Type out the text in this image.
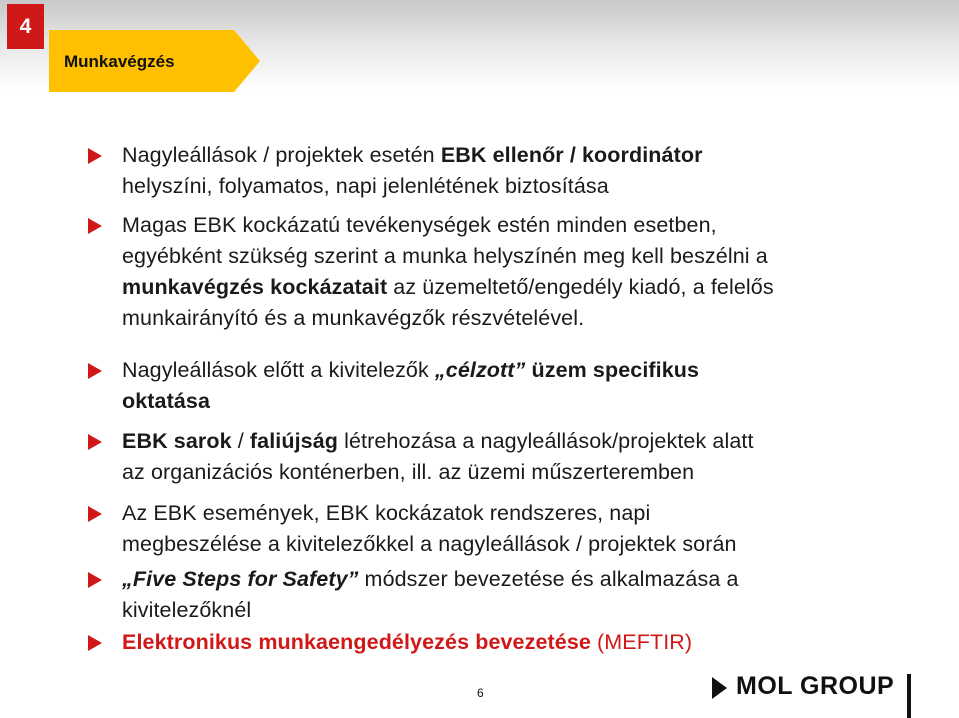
4
Munkavégzés
Nagyleállások / projektek esetén EBK ellenőr / koordinátor
helyszíni, folyamatos, napi jelenlétének biztosítása
Magas EBK kockázatú tevékenységek estén minden esetben,
egyébként szükség szerint a munka helyszínén meg kell beszélni a
munkavégzés kockázatait az üzemeltető/engedély kiadó, a felelős
munkairányító és a munkavégzők részvételével.
Nagyleállások előtt a kivitelezők „célzott” üzem specifikus
oktatása
EBK sarok / faliújság létrehozása a nagyleállások/projektek alatt
az organizációs konténerben, ill. az üzemi műszerteremben
Az EBK események, EBK kockázatok rendszeres, napi
megbeszélése a kivitelezőkkel a nagyleállások / projektek során
„Five Steps for Safety” módszer bevezetése és alkalmazása a
kivitelezőknél
Elektronikus munkaengedélyezés bevezetése (MEFTIR)
6	MOL GROUP
